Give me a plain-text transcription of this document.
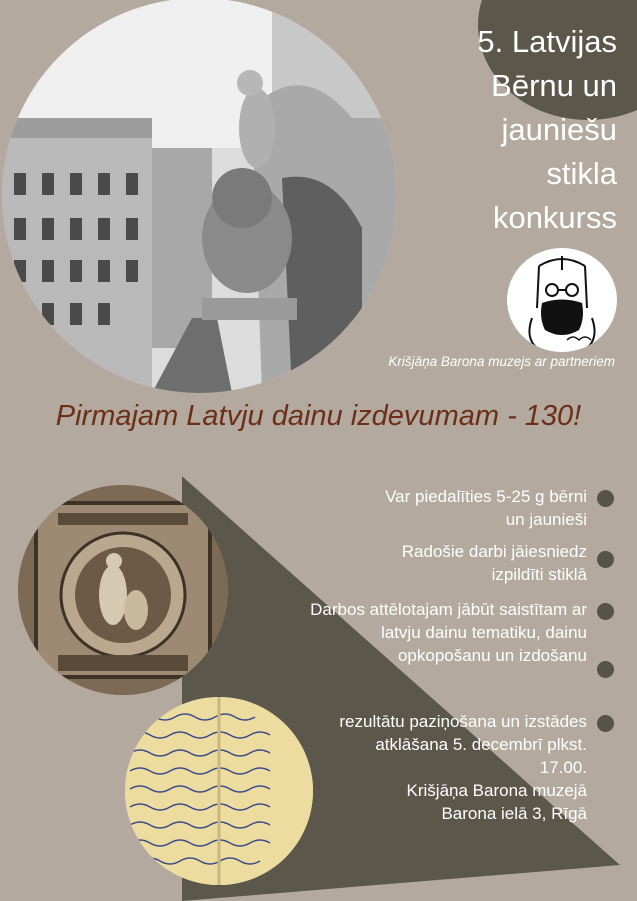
5. Latvijas
Bērnu un
jauniešu
stikla
konkurss
Krišjāņa Barona muzejs ar partneriem
Pirmajam Latvju dainu izdevumam - 130!
Var piedalīties 5-25 g bērni
un jaunieši
Radošie darbi jāiesniedz
izpildīti stiklā
Darbos attēlotajam jābūt saistītam ar
latvju dainu tematiku, dainu
opkopošanu un izdošanu
rezultātu paziņošana un izstādes
atklāšana 5. decembrī plkst.
17.00.
Krišjāņa Barona muzejā
Barona ielā 3, Rīgā
